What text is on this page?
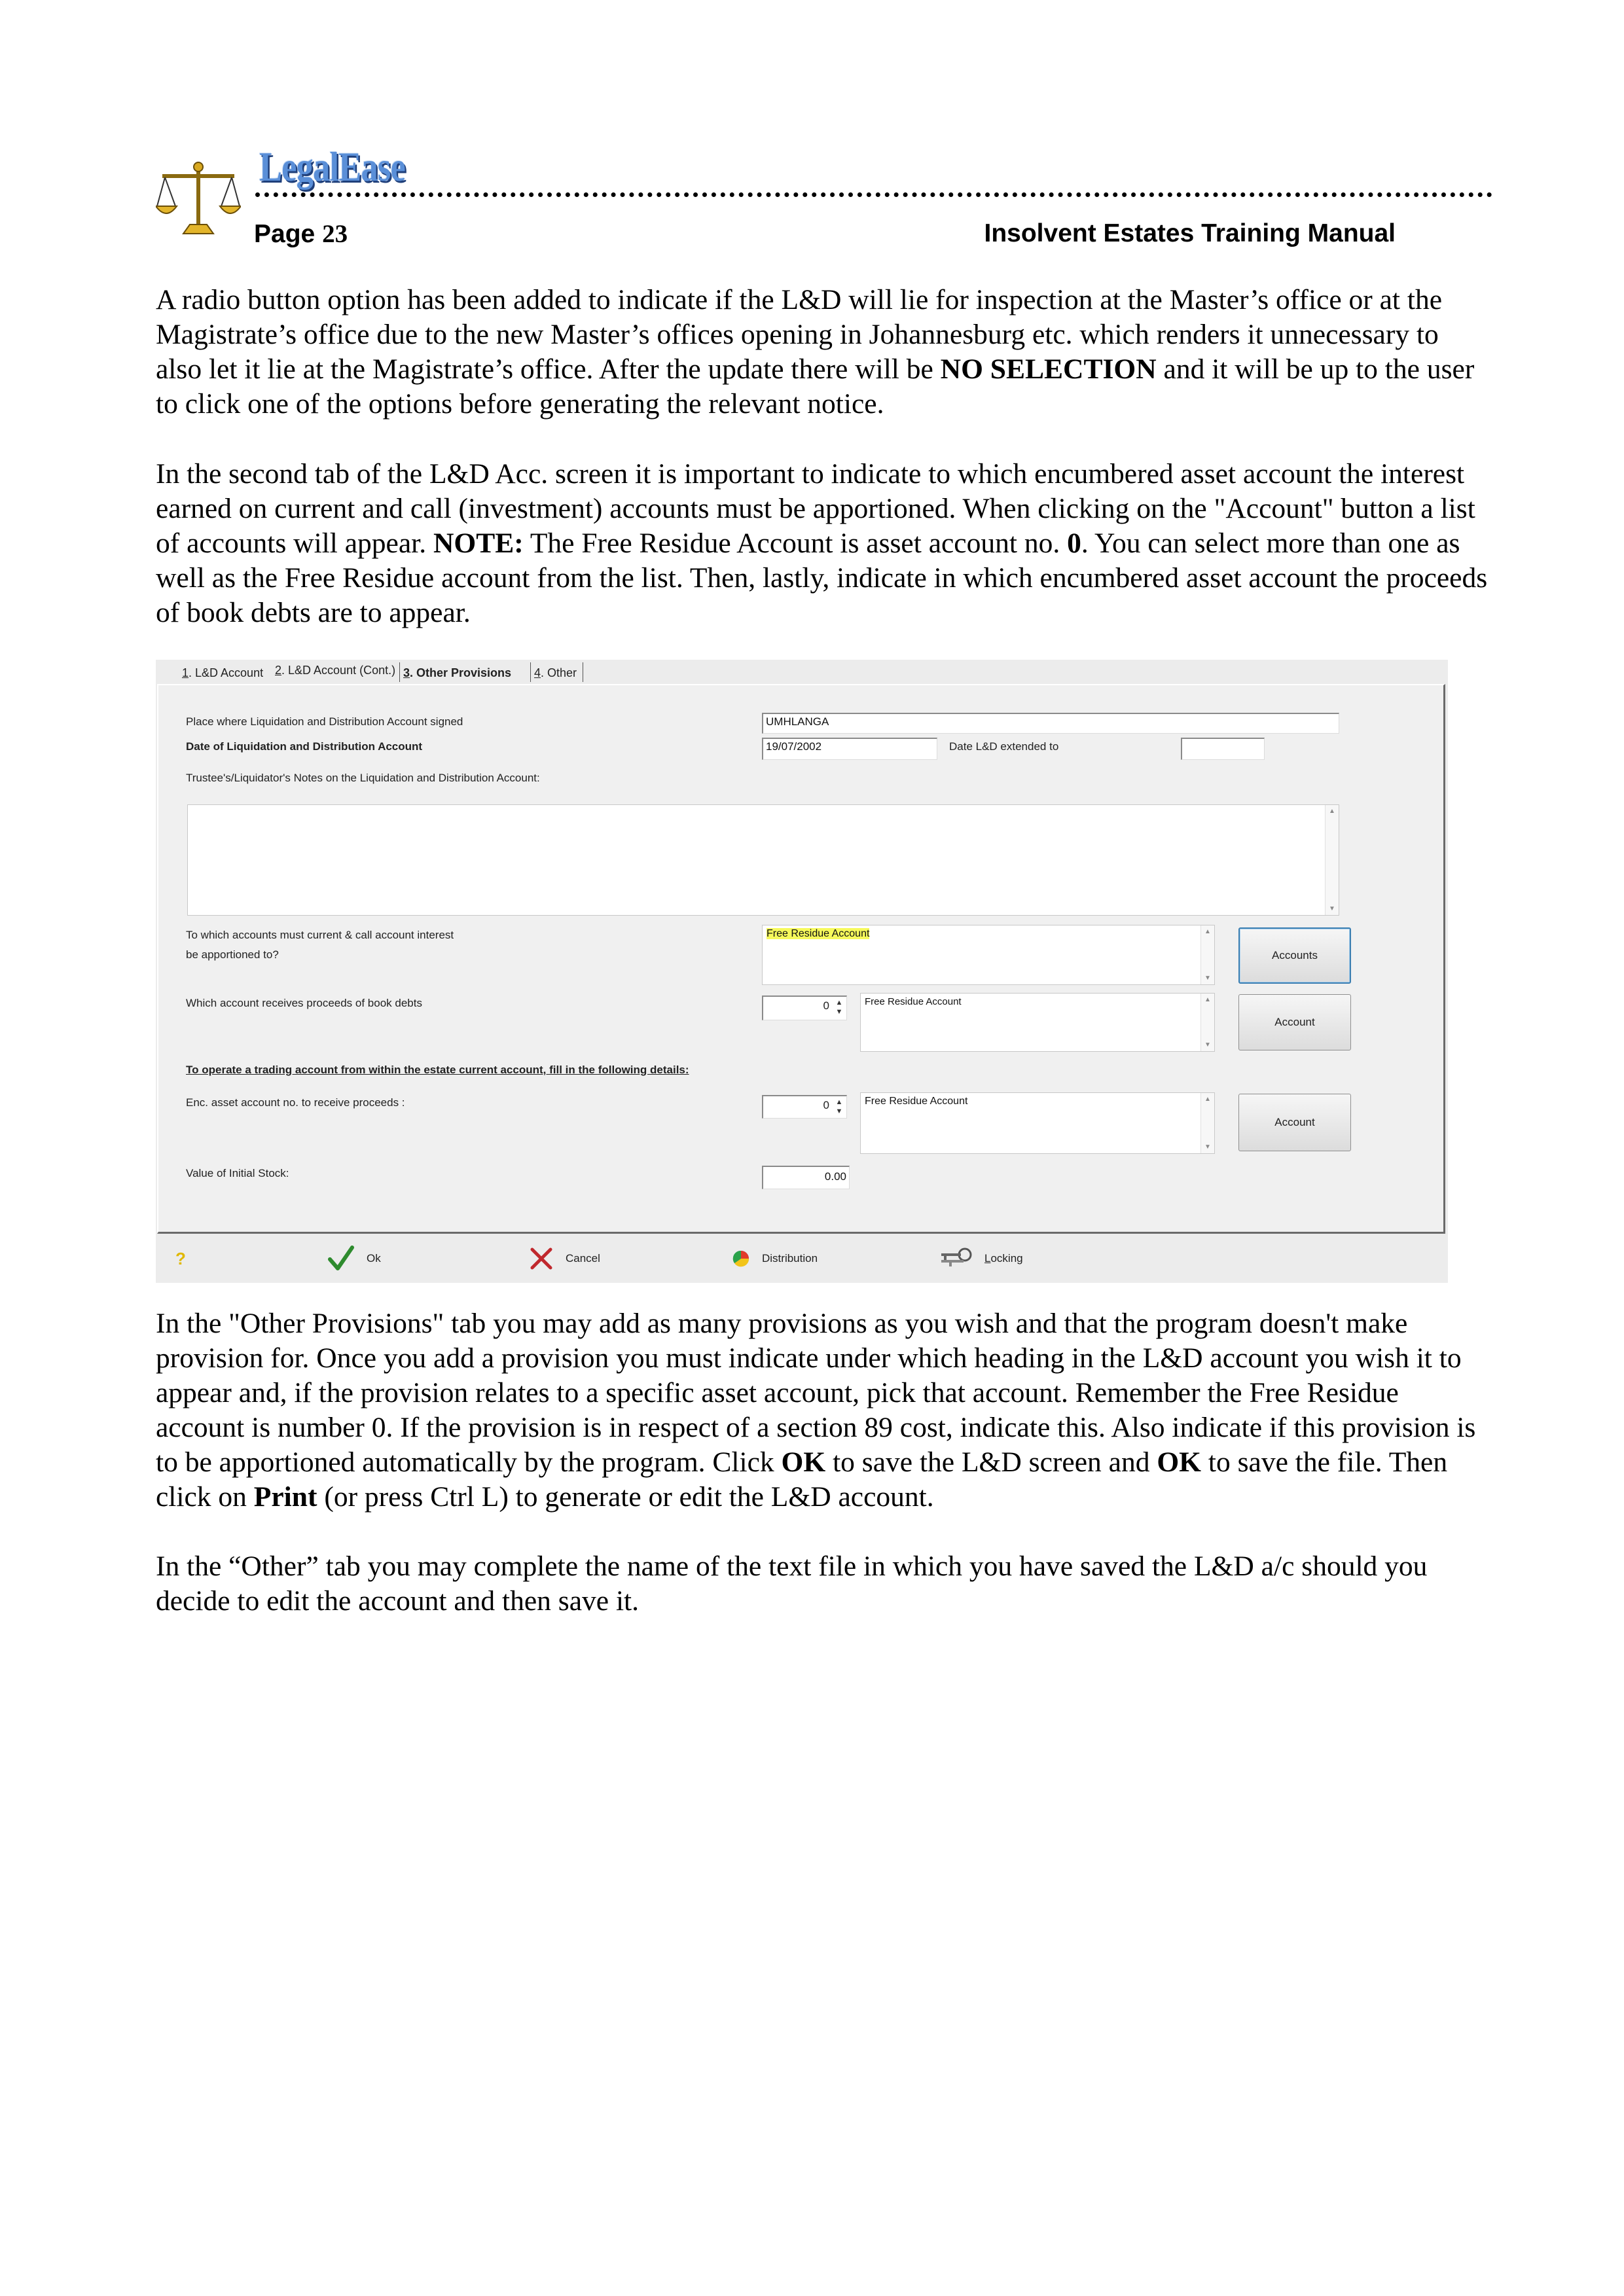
LegalEase
Page 23	Insolvent Estates Training Manual
A radio button option has been added to indicate if the L&D will lie for inspection at the Master’s office or at the Magistrate’s office due to the new Master’s offices opening in Johannesburg etc. which renders it unnecessary to also let it lie at the Magistrate’s office. After the update there will be NO SELECTION and it will be up to the user to click one of the options before generating the relevant notice.
In the second tab of the L&D Acc. screen it is important to indicate to which encumbered asset account the interest earned on current and call (investment) accounts must be apportioned. When clicking on the "Account" button a list of accounts will appear. NOTE: The Free Residue Account is asset account no. 0. You can select more than one as well as the Free Residue account from the list. Then, lastly, indicate in which encumbered asset account the proceeds of book debts are to appear.
1. L&D Account 2. L&D Account (Cont.) 3. Other Provisions 4. Other
Place where Liquidation and Distribution Account signed	UMHLANGA
Date of Liquidation and Distribution Account	19/07/2002	Date L&D extended to
Trustee's/Liquidator's Notes on the Liquidation and Distribution Account:
▲
▼
To which accounts must current & call account interest
be apportioned to?
Free Residue Account	▲
▼
Accounts
Which account receives proceeds of book debts	0 ▲
▼
Free Residue Account	▲
▼
Account
To operate a trading account from within the estate current account, fill in the following details:
Enc. asset account no. to receive proceeds :	0 ▲
▼
Free Residue Account	▲
▼
Account
Value of Initial Stock:	0.00
?	Ok	Cancel	Distribution	Locking
In the "Other Provisions" tab you may add as many provisions as you wish and that the program doesn't make provision for. Once you add a provision you must indicate under which heading in the L&D account you wish it to appear and, if the provision relates to a specific asset account, pick that account. Remember the Free Residue account is number 0. If the provision is in respect of a section 89 cost, indicate this. Also indicate if this provision is to be apportioned automatically by the program. Click OK to save the L&D screen and OK to save the file. Then click on Print (or press Ctrl L) to generate or edit the L&D account.
In the “Other” tab you may complete the name of the text file in which you have saved the L&D a/c should you decide to edit the account and then save it.
